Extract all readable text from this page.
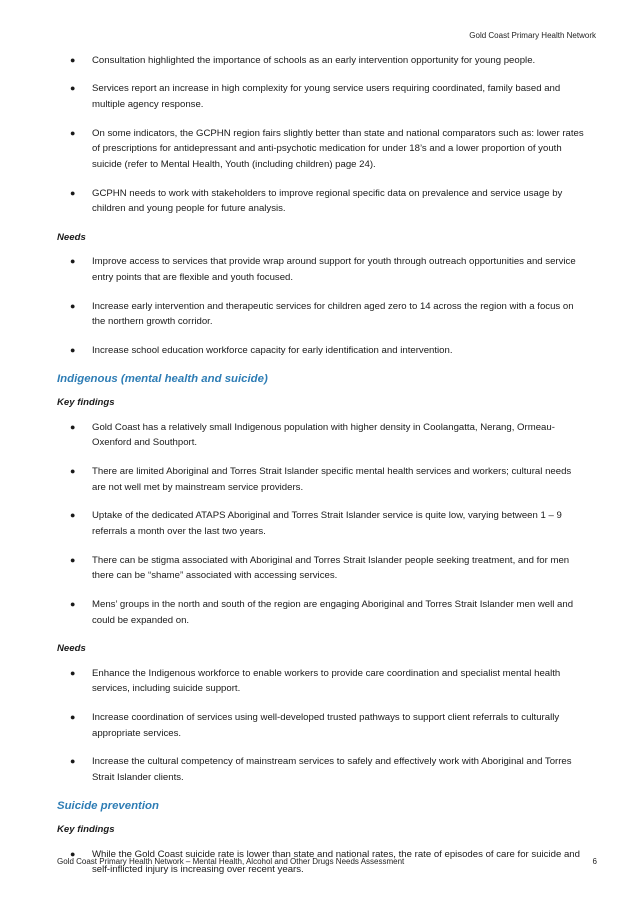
Gold Coast Primary Health Network
● Consultation highlighted the importance of schools as an early intervention opportunity for young people.
● Services report an increase in high complexity for young service users requiring coordinated, family based and multiple agency response.
● On some indicators, the GCPHN region fairs slightly better than state and national comparators such as: lower rates of prescriptions for antidepressant and anti-psychotic medication for under 18’s and a lower proportion of youth suicide (refer to Mental Health, Youth (including children) page 24).
● GCPHN needs to work with stakeholders to improve regional specific data on prevalence and service usage by children and young people for future analysis.
Needs
● Improve access to services that provide wrap around support for youth through outreach opportunities and service entry points that are flexible and youth focused.
● Increase early intervention and therapeutic services for children aged zero to 14 across the region with a focus on the northern growth corridor.
● Increase school education workforce capacity for early identification and intervention.
Indigenous (mental health and suicide)
Key findings
● Gold Coast has a relatively small Indigenous population with higher density in Coolangatta, Nerang, Ormeau-Oxenford and Southport.
● There are limited Aboriginal and Torres Strait Islander specific mental health services and workers; cultural needs are not well met by mainstream service providers.
● Uptake of the dedicated ATAPS Aboriginal and Torres Strait Islander service is quite low, varying between 1 – 9 referrals a month over the last two years.
● There can be stigma associated with Aboriginal and Torres Strait Islander people seeking treatment, and for men there can be “shame” associated with accessing services.
● Mens’ groups in the north and south of the region are engaging Aboriginal and Torres Strait Islander men well and could be expanded on.
Needs
● Enhance the Indigenous workforce to enable workers to provide care coordination and specialist mental health services, including suicide support.
● Increase coordination of services using well-developed trusted pathways to support client referrals to culturally appropriate services.
● Increase the cultural competency of mainstream services to safely and effectively work with Aboriginal and Torres Strait Islander clients.
Suicide prevention
Key findings
● While the Gold Coast suicide rate is lower than state and national rates, the rate of episodes of care for suicide and self-inflicted injury is increasing over recent years.
Gold Coast Primary Health Network – Mental Health, Alcohol and Other Drugs Needs Assessment	6
